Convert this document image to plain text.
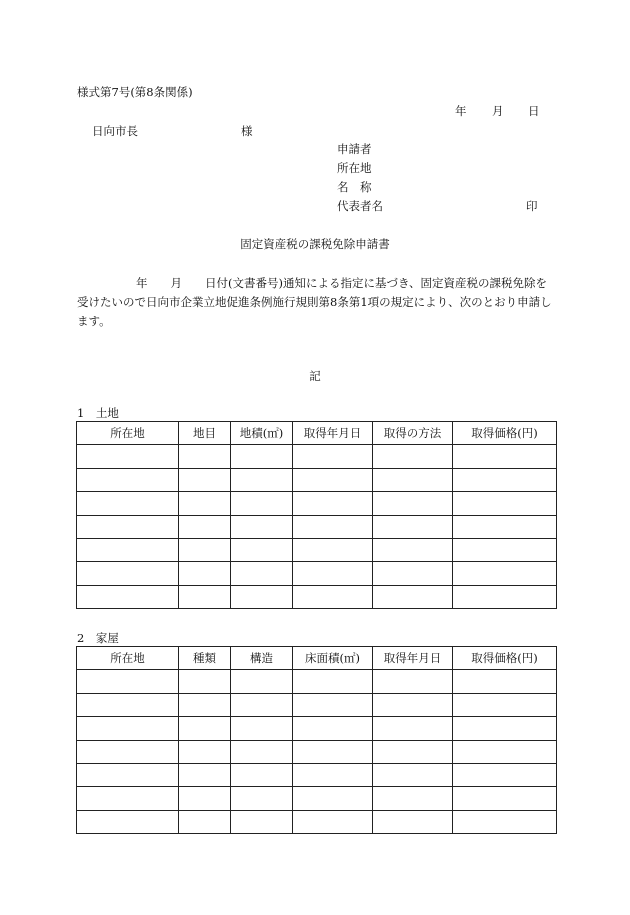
様式第7号(第8条関係)
年 月 日
日向市長	様
申請者
所在地
名　称
代表者名	印
固定資産税の課税免除申請書
年　　月　　日付(文書番号)通知による指定に基づき、固定資産税の課税免除を受けたいので日向市企業立地促進条例施行規則第8条第1項の規定により、次のとおり申請します。
記
1　土地
所在地	地目	地積(㎡)	取得年月日	取得の方法	取得価格(円)

2　家屋
所在地	種類	構造	床面積(㎡)	取得年月日	取得価格(円)
